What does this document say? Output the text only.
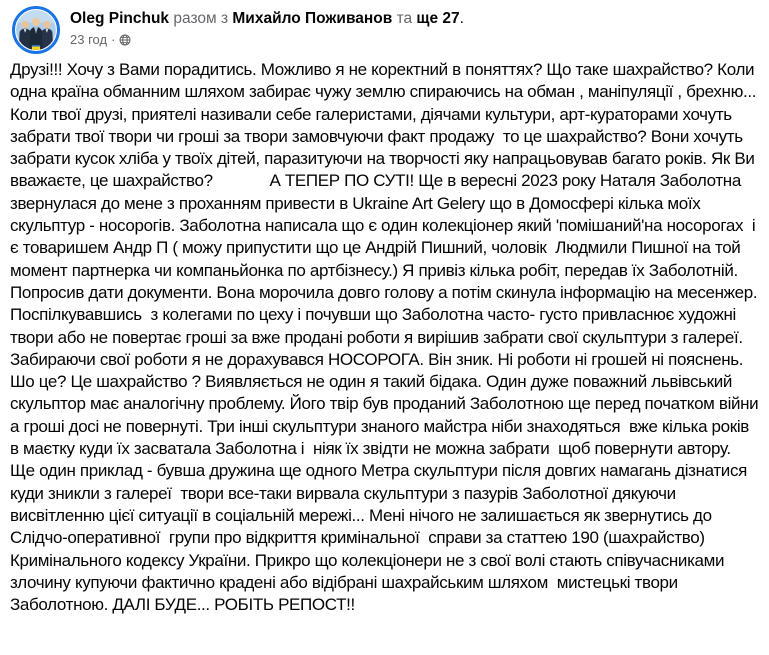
Oleg Pinchuk разом з Михайло Поживанов та ще 27.
23 год ·
Друзі!!! Хочу з Вами порадитись. Можливо я не коректний в поняттях? Що таке шахрайство? Коли одна країна обманним шляхом забирає чужу землю спираючись на обман , маніпуляції , брехню... Коли твої друзі, приятелі називали себе галеристами, діячами культури, арт-кураторами хочуть забрати твої твори чи гроші за твори замовчуючи факт продажу  то це шахрайство? Вони хочуть забрати кусок хліба у твоїх дітей, паразитуючи на творчості яку напрацьовував багато років. Як Ви вважаєте, це шахрайство?             А ТЕПЕР ПО СУТІ! Ще в вересні 2023 року Наталя Заболотна звернулася до мене з проханням привести в Ukraine Art Gelery що в Домосфері кілька моїх скульптур - носорогів. Заболотна написала що є один колекціонер який 'помішаний'на носорогах  і є товаришем Андр П ( можу припустити що це Андрій Пишний, чоловік  Людмили Пишної на той момент партнерка чи компаньйонка по артбізнесу.) Я привіз кілька робіт, передав їх Заболотній. Попросив дати документи. Вона морочила довго голову а потім скинула інформацію на месенжер.  Поспілкувавшись  з колегами по цеху і почувши що Заболотна часто- густо привласнює художні твори або не повертає гроші за вже продані роботи я вирішив забрати свої скульптури з галереї. Забираючи свої роботи я не дорахувався НОСОРОГА. Він зник. Ні роботи ні грошей ні пояснень. Шо це? Це шахрайство ? Виявляється не один я такий бідака. Один дуже поважний львівський скульптор має аналогічну проблему. Його твір був проданий Заболотною ще перед початком війни а гроші досі не повернуті. Три інші скульптури знаного майстра ніби знаходяться  вже кілька років в маєтку куди їх засватала Заболотна і  ніяк їх звідти не можна забрати  щоб повернути автору. Ще один приклад - бувша дружина ще одного Метра скульптури після довгих намагань дізнатися куди зникли з галереї  твори все-таки вирвала скульптури з пазурів Заболотної дякуючи висвітленню цієї ситуації в соціальній мережі... Мені нічого не залишається як звернутись до Слідчо-оперативної  групи про відкриття кримінальної  справи за статтею 190 (шахрайство) Кримінального кодексу України. Прикро що колекціонери не з свої волі стають співучасниками злочину купуючи фактично крадені або відібрані шахрайським шляхом  мистецькі твори Заболотною. ДАЛІ БУДЕ... РОБІТЬ РЕПОСТ!!
